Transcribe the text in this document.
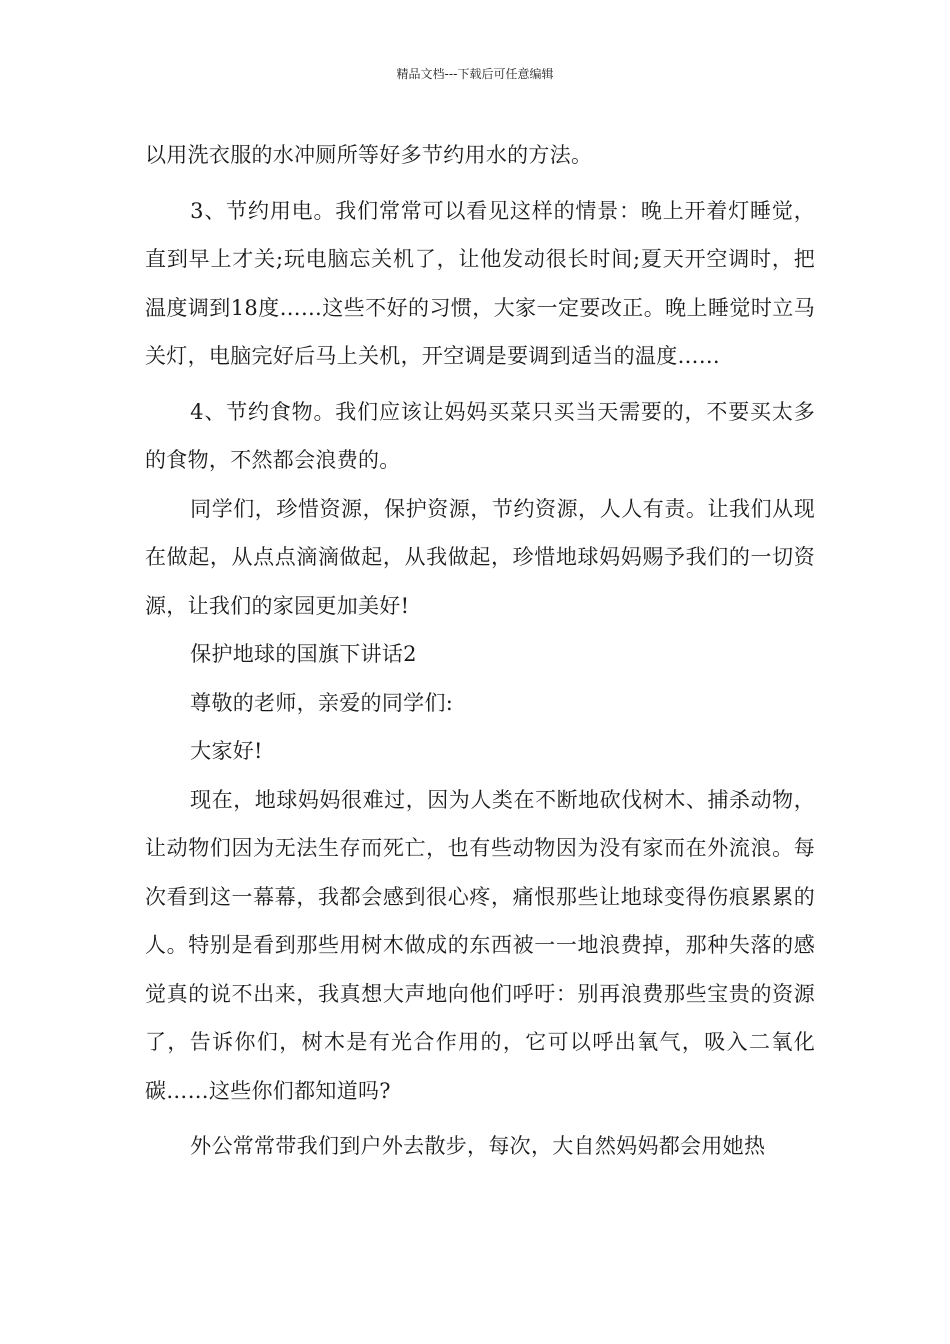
精品文档---下载后可任意编辑

以用洗衣服的水冲厕所等好多节约用水的方法。

3、节约用电。我们常常可以看见这样的情景：晚上开着灯睡觉，直到早上才关;玩电脑忘关机了，让他发动很长时间;夏天开空调时，把温度调到18度……这些不好的习惯，大家一定要改正。晚上睡觉时立马关灯，电脑完好后马上关机，开空调是要调到适当的温度……

4、节约食物。我们应该让妈妈买菜只买当天需要的，不要买太多的食物，不然都会浪费的。

同学们，珍惜资源，保护资源，节约资源，人人有责。让我们从现在做起，从点点滴滴做起，从我做起，珍惜地球妈妈赐予我们的一切资源，让我们的家园更加美好!

保护地球的国旗下讲话2

尊敬的老师，亲爱的同学们:

大家好!

现在，地球妈妈很难过，因为人类在不断地砍伐树木、捕杀动物，让动物们因为无法生存而死亡，也有些动物因为没有家而在外流浪。每次看到这一幕幕，我都会感到很心疼，痛恨那些让地球变得伤痕累累的人。特别是看到那些用树木做成的东西被一一地浪费掉，那种失落的感觉真的说不出来，我真想大声地向他们呼吁：别再浪费那些宝贵的资源了，告诉你们，树木是有光合作用的，它可以呼出氧气，吸入二氧化碳……这些你们都知道吗?

外公常常带我们到户外去散步，每次，大自然妈妈都会用她热
